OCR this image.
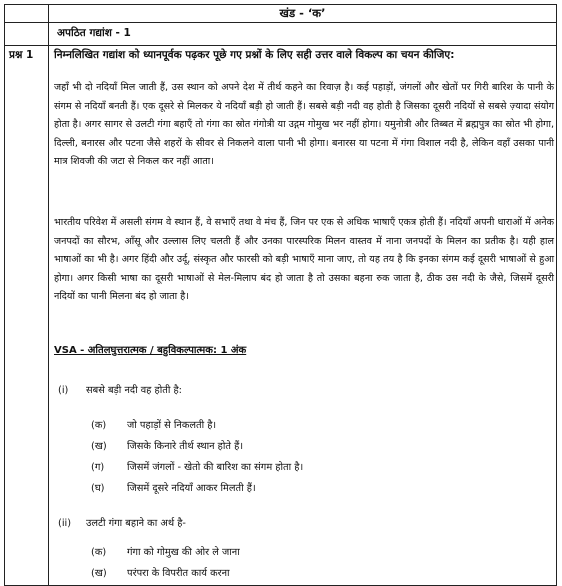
खंड - ‘क’
अपठित गद्यांश - 1
प्रश्न 1	निम्नलिखित गद्यांश को ध्यानपूर्वक पढ़कर पूछे गए प्रश्नों के लिए सही उत्तर वाले विकल्प का चयन कीजिए:
जहाँ भी दो नदियाँ मिल जाती हैं, उस स्थान को अपने देश में तीर्थ कहने का रिवाज़ है। कई पहाड़ों, जंगलों और खेतों पर गिरी बारिश के पानी के संगम से नदियाँ बनती हैं। एक दूसरे से मिलकर ये नदियाँ बड़ी हो जाती हैं। सबसे बड़ी नदी वह होती है जिसका दूसरी नदियों से सबसे ज़्यादा संयोग होता है। अगर सागर से उलटी गंगा बहाएँ तो गंगा का स्रोत गंगोत्री या उद्गम गोमुख भर नहीं होगा। यमुनोत्री और तिब्बत में ब्रह्मपुत्र का स्रोत भी होगा, दिल्ली, बनारस और पटना जैसे शहरों के सीवर से निकलने वाला पानी भी होगा। बनारस या पटना में गंगा विशाल नदी है, लेकिन वहाँ उसका पानी मात्र शिवजी की जटा से निकल कर नहीं आता।
भारतीय परिवेश में असली संगम वे स्थान हैं, वे सभाएँ तथा वे मंच हैं, जिन पर एक से अधिक भाषाएँ एकत्र होती हैं। नदियाँ अपनी धाराओं में अनेक जनपदों का सौरभ, आँसू और उल्लास लिए चलती हैं और उनका पारस्परिक मिलन वास्तव में नाना जनपदों के मिलन का प्रतीक है। यही हाल भाषाओं का भी है। अगर हिंदी और उर्दू, संस्कृत और फारसी को बड़ी भाषाएँ माना जाए, तो यह तय है कि इनका संगम कई दूसरी भाषाओं से हुआ होगा। अगर किसी भाषा का दूसरी भाषाओं से मेल-मिलाप बंद हो जाता है तो उसका बहना रुक जाता है, ठीक उस नदी के जैसे, जिसमें दूसरी नदियों का पानी मिलना बंद हो जाता है।
VSA - अतिलघुत्तरात्मक / बहुविकल्पात्मक: 1 अंक
(i) सबसे बड़ी नदी वह होती है:
(क) जो पहाड़ों से निकलती है।
(ख) जिसके किनारे तीर्थ स्थान होते हैं।
(ग) जिसमें जंगलों - खेतो की बारिश का संगम होता है।
(घ) जिसमें दूसरे नदियाँ आकर मिलती हैं।
(ii) उलटी गंगा बहाने का अर्थ है-
(क) गंगा को गोमुख की ओर ले जाना
(ख) परंपरा के विपरीत कार्य करना
